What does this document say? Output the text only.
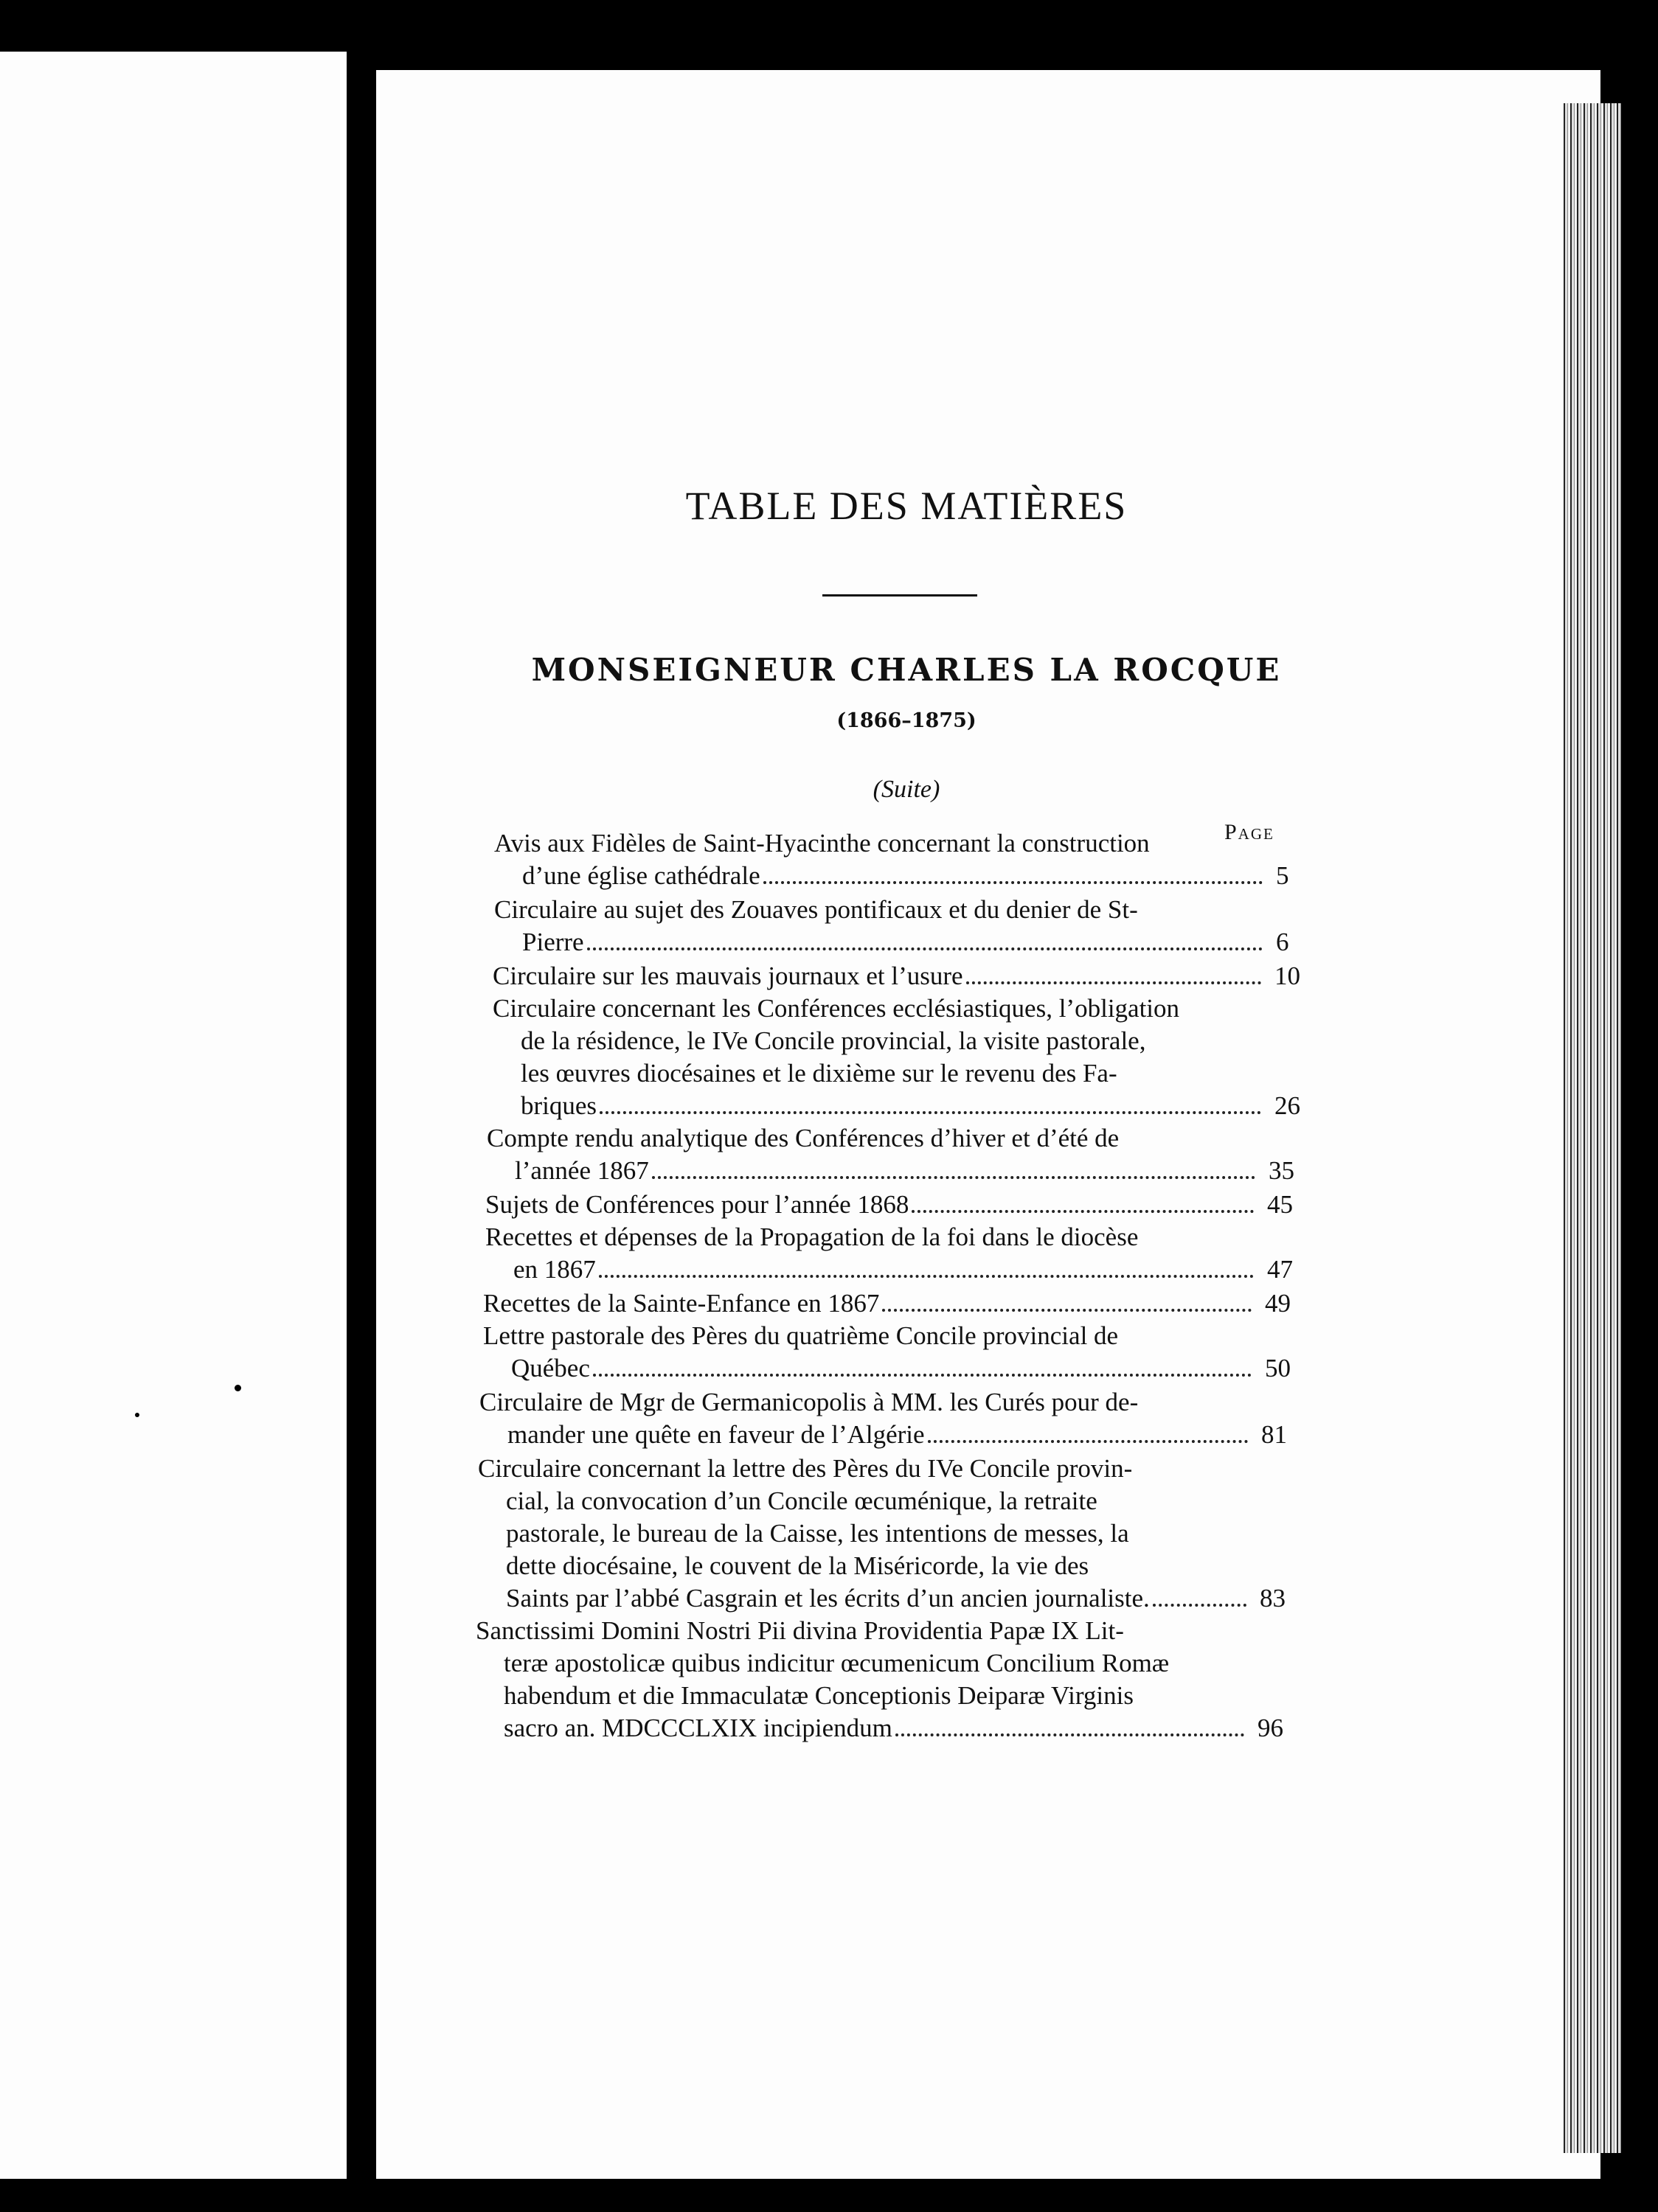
TABLE DES MATIÈRES
MONSEIGNEUR CHARLES LA ROCQUE
(1866–1875)
(Suite)
Page
Avis aux Fidèles de Saint-Hyacinthe concernant la construction
d’une église cathédrale	5
Circulaire au sujet des Zouaves pontificaux et du denier de St-
Pierre	6
Circulaire sur les mauvais journaux et l’usure	10
Circulaire concernant les Conférences ecclésiastiques, l’obligation
de la résidence, le IVe Concile provincial, la visite pastorale,
les œuvres diocésaines et le dixième sur le revenu des Fa-
briques	26
Compte rendu analytique des Conférences d’hiver et d’été de
l’année 1867	35
Sujets de Conférences pour l’année 1868	45
Recettes et dépenses de la Propagation de la foi dans le diocèse
en 1867	47
Recettes de la Sainte-Enfance en 1867	49
Lettre pastorale des Pères du quatrième Concile provincial de
Québec	50
Circulaire de Mgr de Germanicopolis à MM. les Curés pour de-
mander une quête en faveur de l’Algérie	81
Circulaire concernant la lettre des Pères du IVe Concile provin-
cial, la convocation d’un Concile œcuménique, la retraite
pastorale, le bureau de la Caisse, les intentions de messes, la
dette diocésaine, le couvent de la Miséricorde, la vie des
Saints par l’abbé Casgrain et les écrits d’un ancien journaliste.	83
Sanctissimi Domini Nostri Pii divina Providentia Papæ IX Lit-
teræ apostolicæ quibus indicitur œcumenicum Concilium Romæ
habendum et die Immaculatæ Conceptionis Deiparæ Virginis
sacro an. MDCCCLXIX incipiendum	96
